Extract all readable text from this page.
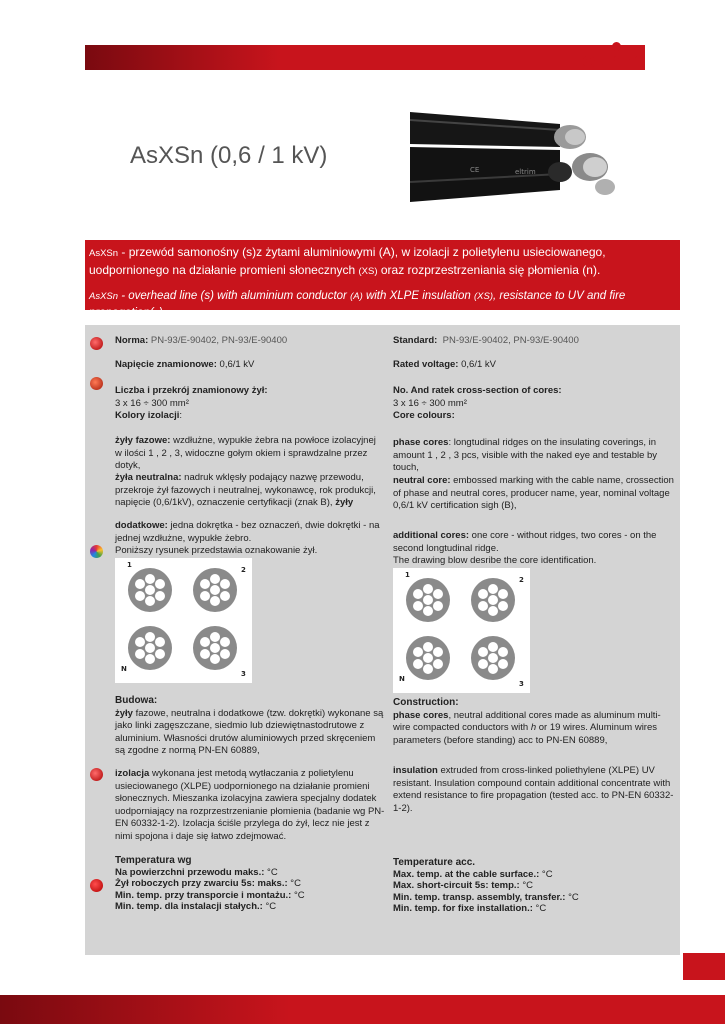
eltrim
CE	eltrim
AsXSn (0,6 / 1 kV)
AsXSn - przewód samonośny (s)z żytami aluminiowymi (A), w izolacji z polietylenu usieciowanego, uodpornionego na działanie promieni słonecznych (XS) oraz rozprzestrzeniania się płomienia (n).
AsXSn - overhead line (s) with aluminium conductor (A) with XLPE insulation (XS), resistance to UV and fire propagation(n).
Norma: PN-93/E-90402, PN-93/E-90400
Napięcie znamionowe: 0,6/1 kV
Liczba i przekrój znamionowy żył:
3 x 16 ÷ 300 mm²
Kolory izolacji:
żyły fazowe: wzdłużne, wypukłe żebra na powłoce izolacyjnej w ilości 1 , 2 , 3, widoczne gołym okiem i sprawdzalne przez dotyk,
żyła neutralna: nadruk wklęsły podający nazwę przewodu, przekroje żył fazowych i neutralnej, wykonawcę, rok produkcji, napięcie (0,6/1kV), oznaczenie certyfikacji (znak B), żyły
dodatkowe: jedna dokrętka - bez oznaczeń, dwie dokrętki - na jednej wzdłużne, wypukłe żebro.
Poniższy rysunek przedstawia oznakowanie żył.
1
2
N
3
Budowa:
żyły fazowe, neutralna i dodatkowe (tzw. dokrętki) wykonane są jako linki zagęszczane, siedmio lub dziewiętnastodrutowe z aluminium. Własności drutów aluminiowych przed skręceniem są zgodne z normą PN-EN 60889,
izolacja wykonana jest metodą wytłaczania z polietylenu usieciowanego (XLPE) uodpornionego na działanie promieni słonecznych. Mieszanka izolacyjna zawiera specjalny dodatek uodporniający na rozprzestrzenianie płomienia (badanie wg PN-EN 60332-1-2). Izolacja ściśle przylega do żył, lecz nie jest z nimi spojona i daje się łatwo zdejmować.
Temperatura wg
Na powierzchni przewodu maks.: °C
Żył roboczych przy zwarciu 5s: maks.: °C
Min. temp. przy transporcie i montażu.: °C
Min. temp. dla instalacji stałych.: °C
Standard: PN-93/E-90402, PN-93/E-90400
Rated voltage: 0,6/1 kV
No. And ratek cross-section of cores:
3 x 16 ÷ 300 mm²
Core colours:
phase cores: longtudinal ridges on the insulating coverings, in amount 1 , 2 , 3 pcs, visible with the naked eye and testable by touch,
neutral core: embossed marking with the cable name, crossection of phase and neutral cores, producer name, year, nominal voltage 0,6/1 kV certification sigh (B),
additional cores: one core - without ridges, two cores - on the second longtudinal ridge.
The drawing blow desribe the core identification.
1
2
N
3
Construction:
phase cores, neutral additional cores made as aluminum multi-wire compacted conductors with h or 19 wires. Aluminum wires parameters (before standing) acc to PN-EN 60889,
insulation extruded from cross-linked poliethylene (XLPE) UV resistant. Insulation compound contain additional concentrate with extend resistance to fire propagation (tested acc. to PN-EN 60332-1-2).
Temperature acc.
Max. temp. at the cable surface.: °C
Max. short-circuit 5s: temp.: °C
Min. temp. transp. assembly, transfer.: °C
Min. temp. for fixe installation.: °C
